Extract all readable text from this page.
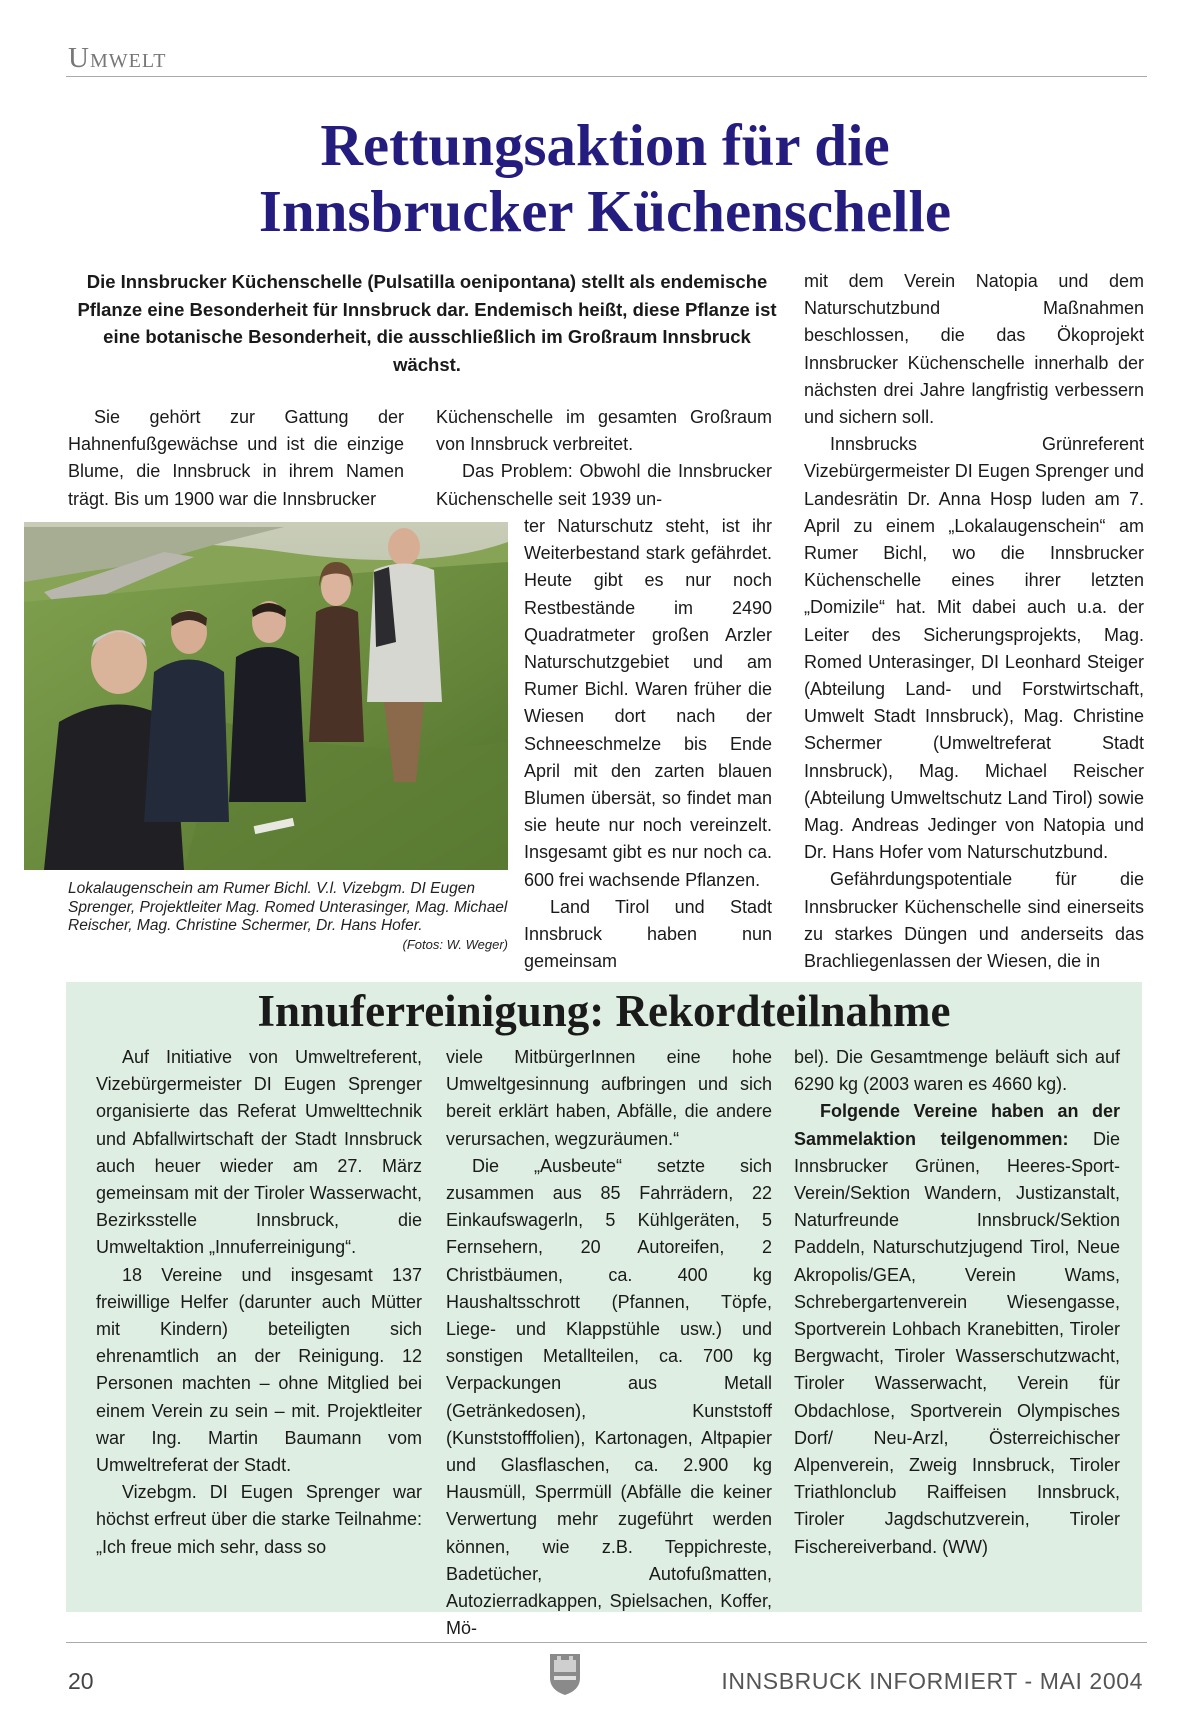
Umwelt
Rettungsaktion für die
Innsbrucker Küchenschelle

Die Innsbrucker Küchenschelle (Pulsatilla oenipontana) stellt als endemische Pflanze eine Besonderheit für Innsbruck dar. Endemisch heißt, diese Pflanze ist eine botanische Besonderheit, die ausschließlich im Großraum Innsbruck wächst.

Sie gehört zur Gattung der Hahnenfußgewächse und ist die einzige Blume, die Innsbruck in ihrem Namen trägt. Bis um 1900 war die Innsbrucker

Küchenschelle im gesamten Großraum von Innsbruck verbreitet.

Das Problem: Obwohl die Innsbrucker Küchenschelle seit 1939 un-

ter Naturschutz steht, ist ihr Weiterbestand stark gefährdet. Heute gibt es nur noch Restbestände im 2490 Quadratmeter großen Arzler Naturschutzgebiet und am Rumer Bichl. Waren früher die Wiesen dort nach der Schneeschmelze bis Ende April mit den zarten blauen Blumen übersät, so findet man sie heute nur noch vereinzelt. Insgesamt gibt es nur noch ca. 600 frei wachsende Pflanzen.

Land Tirol und Stadt Innsbruck haben nun gemeinsam

mit dem Verein Natopia und dem Naturschutzbund Maßnahmen beschlossen, die das Ökoprojekt Innsbrucker Küchenschelle innerhalb der nächsten drei Jahre langfristig verbessern und sichern soll.

Innsbrucks Grünreferent Vizebürgermeister DI Eugen Sprenger und Landesrätin Dr. Anna Hosp luden am 7. April zu einem „Lokalaugenschein“ am Rumer Bichl, wo die Innsbrucker Küchenschelle eines ihrer letzten „Domizile“ hat. Mit dabei auch u.a. der Leiter des Sicherungsprojekts, Mag. Romed Unterasinger, DI Leonhard Steiger (Abteilung Land- und Forstwirtschaft, Umwelt Stadt Innsbruck), Mag. Christine Schermer (Umweltreferat Stadt Innsbruck), Mag. Michael Reischer (Abteilung Umweltschutz Land Tirol) sowie Mag. Andreas Jedinger von Natopia und Dr. Hans Hofer vom Naturschutzbund.

Gefährdungspotentiale für die Innsbrucker Küchenschelle sind einerseits zu starkes Düngen und anderseits das Brachliegenlassen der Wiesen, die in

Lokalaugenschein am Rumer Bichl. V.l. Vizebgm. DI Eugen Sprenger, Projektleiter Mag. Romed Unterasinger, Mag. Michael Reischer, Mag. Christine Schermer, Dr. Hans Hofer.
(Fotos: W. Weger)
Innuferreinigung: Rekordteilnahme

Auf Initiative von Umweltreferent, Vizebürgermeister DI Eugen Sprenger organisierte das Referat Umwelttechnik und Abfallwirtschaft der Stadt Innsbruck auch heuer wieder am 27. März gemeinsam mit der Tiroler Wasserwacht, Bezirksstelle Innsbruck, die Umweltaktion „Innuferreinigung“.

18 Vereine und insgesamt 137 freiwillige Helfer (darunter auch Mütter mit Kindern) beteiligten sich ehrenamtlich an der Reinigung. 12 Personen machten – ohne Mitglied bei einem Verein zu sein – mit. Projektleiter war Ing. Martin Baumann vom Umweltreferat der Stadt.

Vizebgm. DI Eugen Sprenger war höchst erfreut über die starke Teilnahme: „Ich freue mich sehr, dass so

viele MitbürgerInnen eine hohe Umweltgesinnung aufbringen und sich bereit erklärt haben, Abfälle, die andere verursachen, wegzuräumen.“

Die „Ausbeute“ setzte sich zusammen aus 85 Fahrrädern, 22 Einkaufswagerln, 5 Kühlgeräten, 5 Fernsehern, 20 Autoreifen, 2 Christbäumen, ca. 400 kg Haushaltsschrott (Pfannen, Töpfe, Liege- und Klappstühle usw.) und sonstigen Metallteilen, ca. 700 kg Verpackungen aus Metall (Getränkedosen), Kunststoff (Kunststofffolien), Kartonagen, Altpapier und Glasflaschen, ca. 2.900 kg Hausmüll, Sperrmüll (Abfälle die keiner Verwertung mehr zugeführt werden können, wie z.B. Teppichreste, Badetücher, Autofußmatten, Autozierradkappen, Spielsachen, Koffer, Mö-

bel). Die Gesamtmenge beläuft sich auf 6290 kg (2003 waren es 4660 kg).

Folgende Vereine haben an der Sammelaktion teilgenommen: Die Innsbrucker Grünen, Heeres-Sport-Verein/Sektion Wandern, Justizanstalt, Naturfreunde Innsbruck/Sektion Paddeln, Naturschutzjugend Tirol, Neue Akropolis/GEA, Verein Wams, Schrebergartenverein Wiesengasse, Sportverein Lohbach Kranebitten, Tiroler Bergwacht, Tiroler Wasserschutzwacht, Tiroler Wasserwacht, Verein für Obdachlose, Sportverein Olympisches Dorf/ Neu-Arzl, Österreichischer Alpenverein, Zweig Innsbruck, Tiroler Triathlonclub Raiffeisen Innsbruck, Tiroler Jagdschutzverein, Tiroler Fischereiverband. (WW)

20	INNSBRUCK INFORMIERT - MAI 2004
